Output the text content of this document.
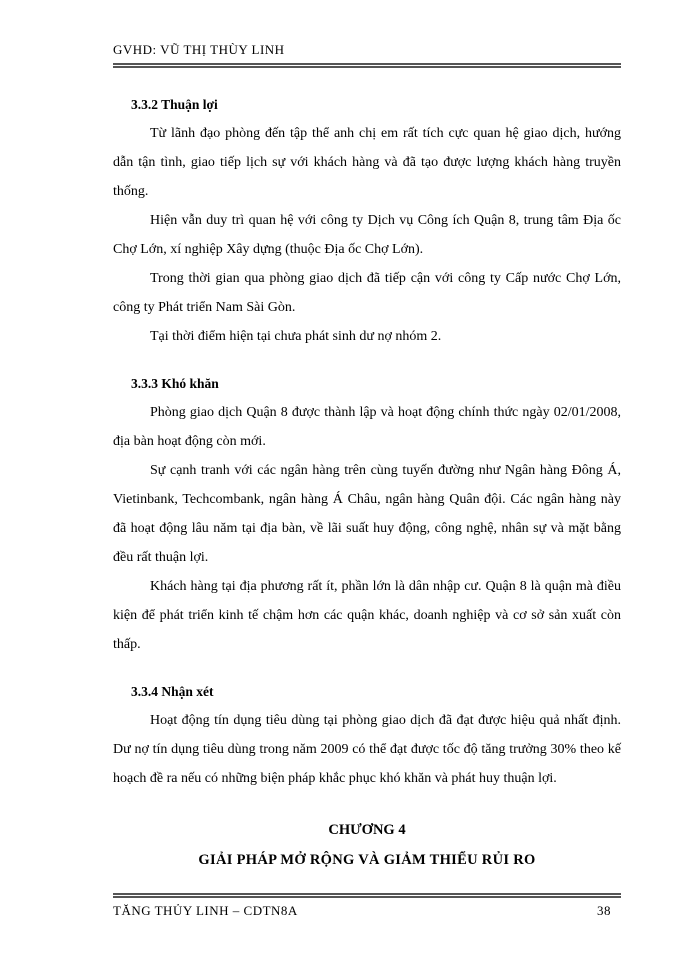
GVHD: VŨ THỊ THÙY LINH
3.3.2 Thuận lợi

Từ lãnh đạo phòng đến tập thể anh chị em rất tích cực quan hệ giao dịch, hướng dẫn tận tình, giao tiếp lịch sự với khách hàng và đã tạo được lượng khách hàng truyền thống.

Hiện vẫn duy trì quan hệ với công ty Dịch vụ Công ích Quận 8, trung tâm Địa ốc Chợ Lớn, xí nghiệp Xây dựng (thuộc Địa ốc Chợ Lớn).

Trong thời gian qua phòng giao dịch đã tiếp cận với công ty Cấp nước Chợ Lớn, công ty Phát triển Nam Sài Gòn.

Tại thời điểm hiện tại chưa phát sinh dư nợ nhóm 2.

3.3.3 Khó khăn

Phòng giao dịch Quận 8 được thành lập và hoạt động chính thức ngày 02/01/2008, địa bàn hoạt động còn mới.

Sự cạnh tranh với các ngân hàng trên cùng tuyến đường như Ngân hàng Đông Á, Vietinbank, Techcombank, ngân hàng Á Châu, ngân hàng Quân đội. Các ngân hàng này đã hoạt động lâu năm tại địa bàn, về lãi suất huy động, công nghệ, nhân sự và mặt bằng đều rất thuận lợi.

Khách hàng tại địa phương rất ít, phần lớn là dân nhập cư. Quận 8 là quận mà điều kiện để phát triển kinh tế chậm hơn các quận khác, doanh nghiệp và cơ sở sản xuất còn thấp.

3.3.4 Nhận xét

Hoạt động tín dụng tiêu dùng tại phòng giao dịch đã đạt được hiệu quả nhất định. Dư nợ tín dụng tiêu dùng trong năm 2009 có thể đạt được tốc độ tăng trưởng 30% theo kế hoạch đề ra nếu có những biện pháp khắc phục khó khăn và phát huy thuận lợi.

CHƯƠNG 4
GIẢI PHÁP MỞ RỘNG VÀ GIẢM THIỂU RỦI RO
TĂNG THỦY LINH – CDTN8A	38
